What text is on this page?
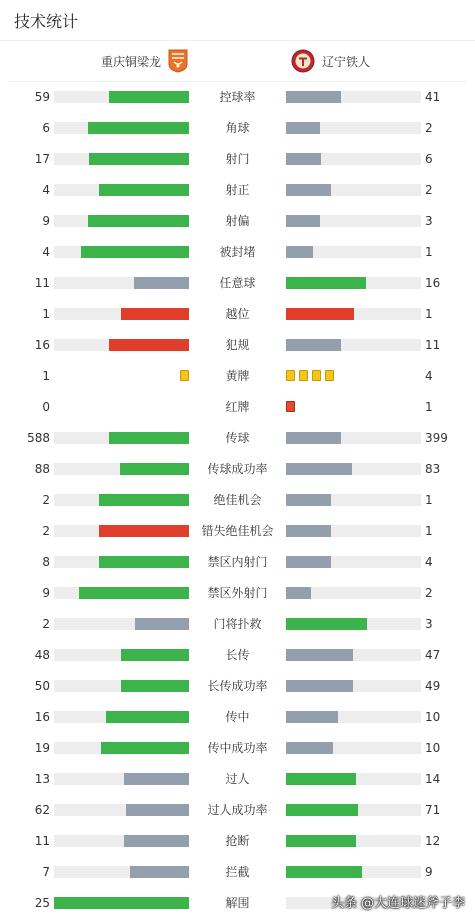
技术统计
重庆铜梁龙	辽宁铁人
59	控球率	41
6	角球	2
17	射门	6
4	射正	2
9	射偏	3
4	被封堵	1
11	任意球	16
1	越位	1
16	犯规	11
1	黄牌	4
0	红牌	1
588	传球	399
88	传球成功率	83
2	绝佳机会	1
2	错失绝佳机会	1
8	禁区内射门	4
9	禁区外射门	2
2	门将扑救	3
48	长传	47
50	长传成功率	49
16	传中	10
19	传中成功率	10
13	过人	14
62	过人成功率	71
11	抢断	12
7	拦截	9
25	解围	头条 @大连球迷斧子李
